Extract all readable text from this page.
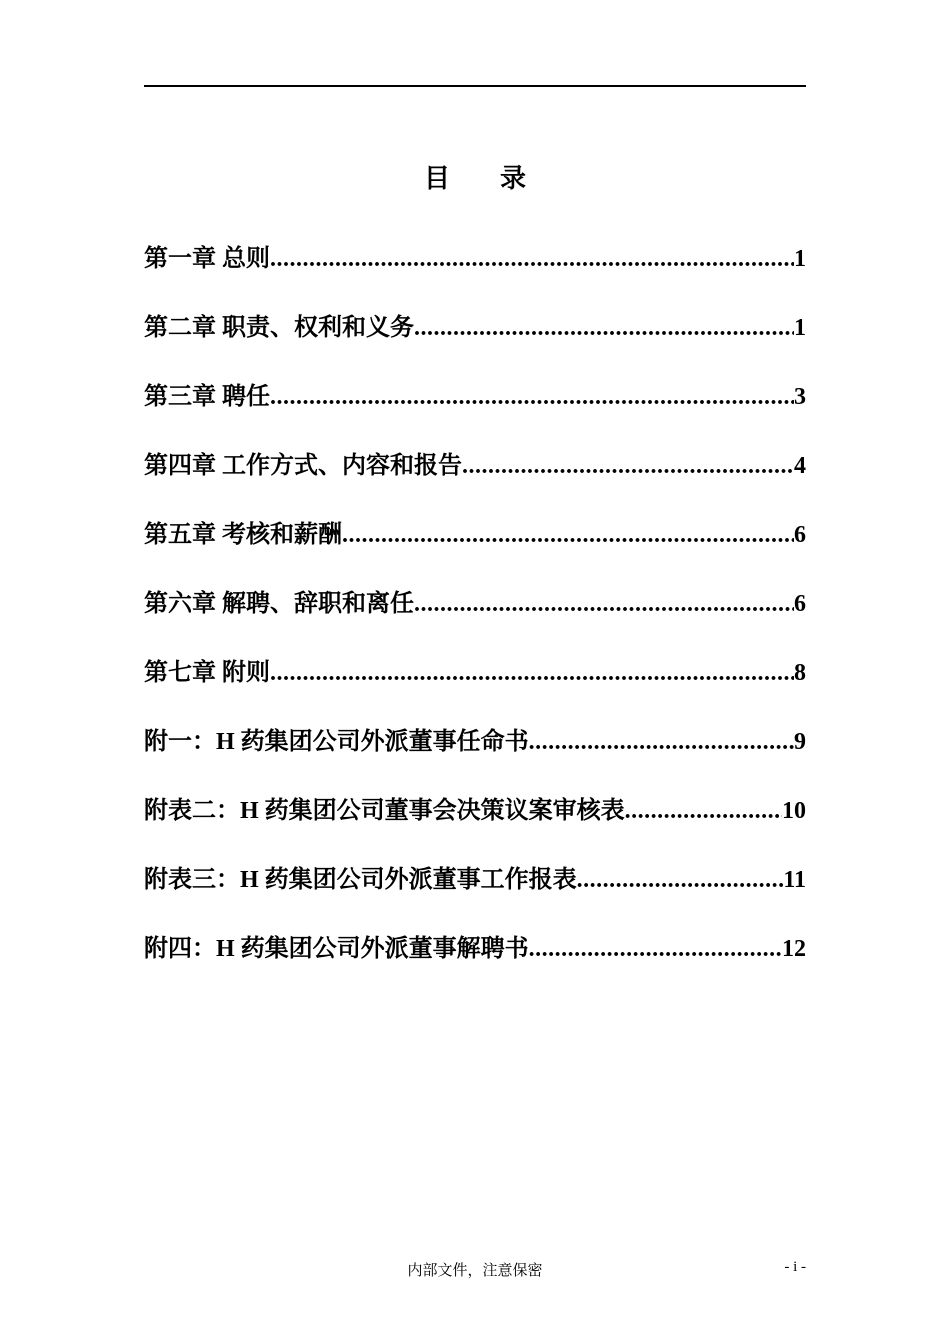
目 录
第一章 总则 .....	1
第二章 职责、权利和义务 .....	1
第三章 聘任 .....	3
第四章 工作方式、内容和报告 .....	4
第五章 考核和薪酬 .....	6
第六章 解聘、辞职和离任 .....	6
第七章 附则 .....	8
附一：H 药集团公司外派董事任命书 .....	9
附表二：H 药集团公司董事会决策议案审核表 .....	10
附表三：H 药集团公司外派董事工作报表 .....	11
附四：H 药集团公司外派董事解聘书 .....	12
内部文件，注意保密	- i -
